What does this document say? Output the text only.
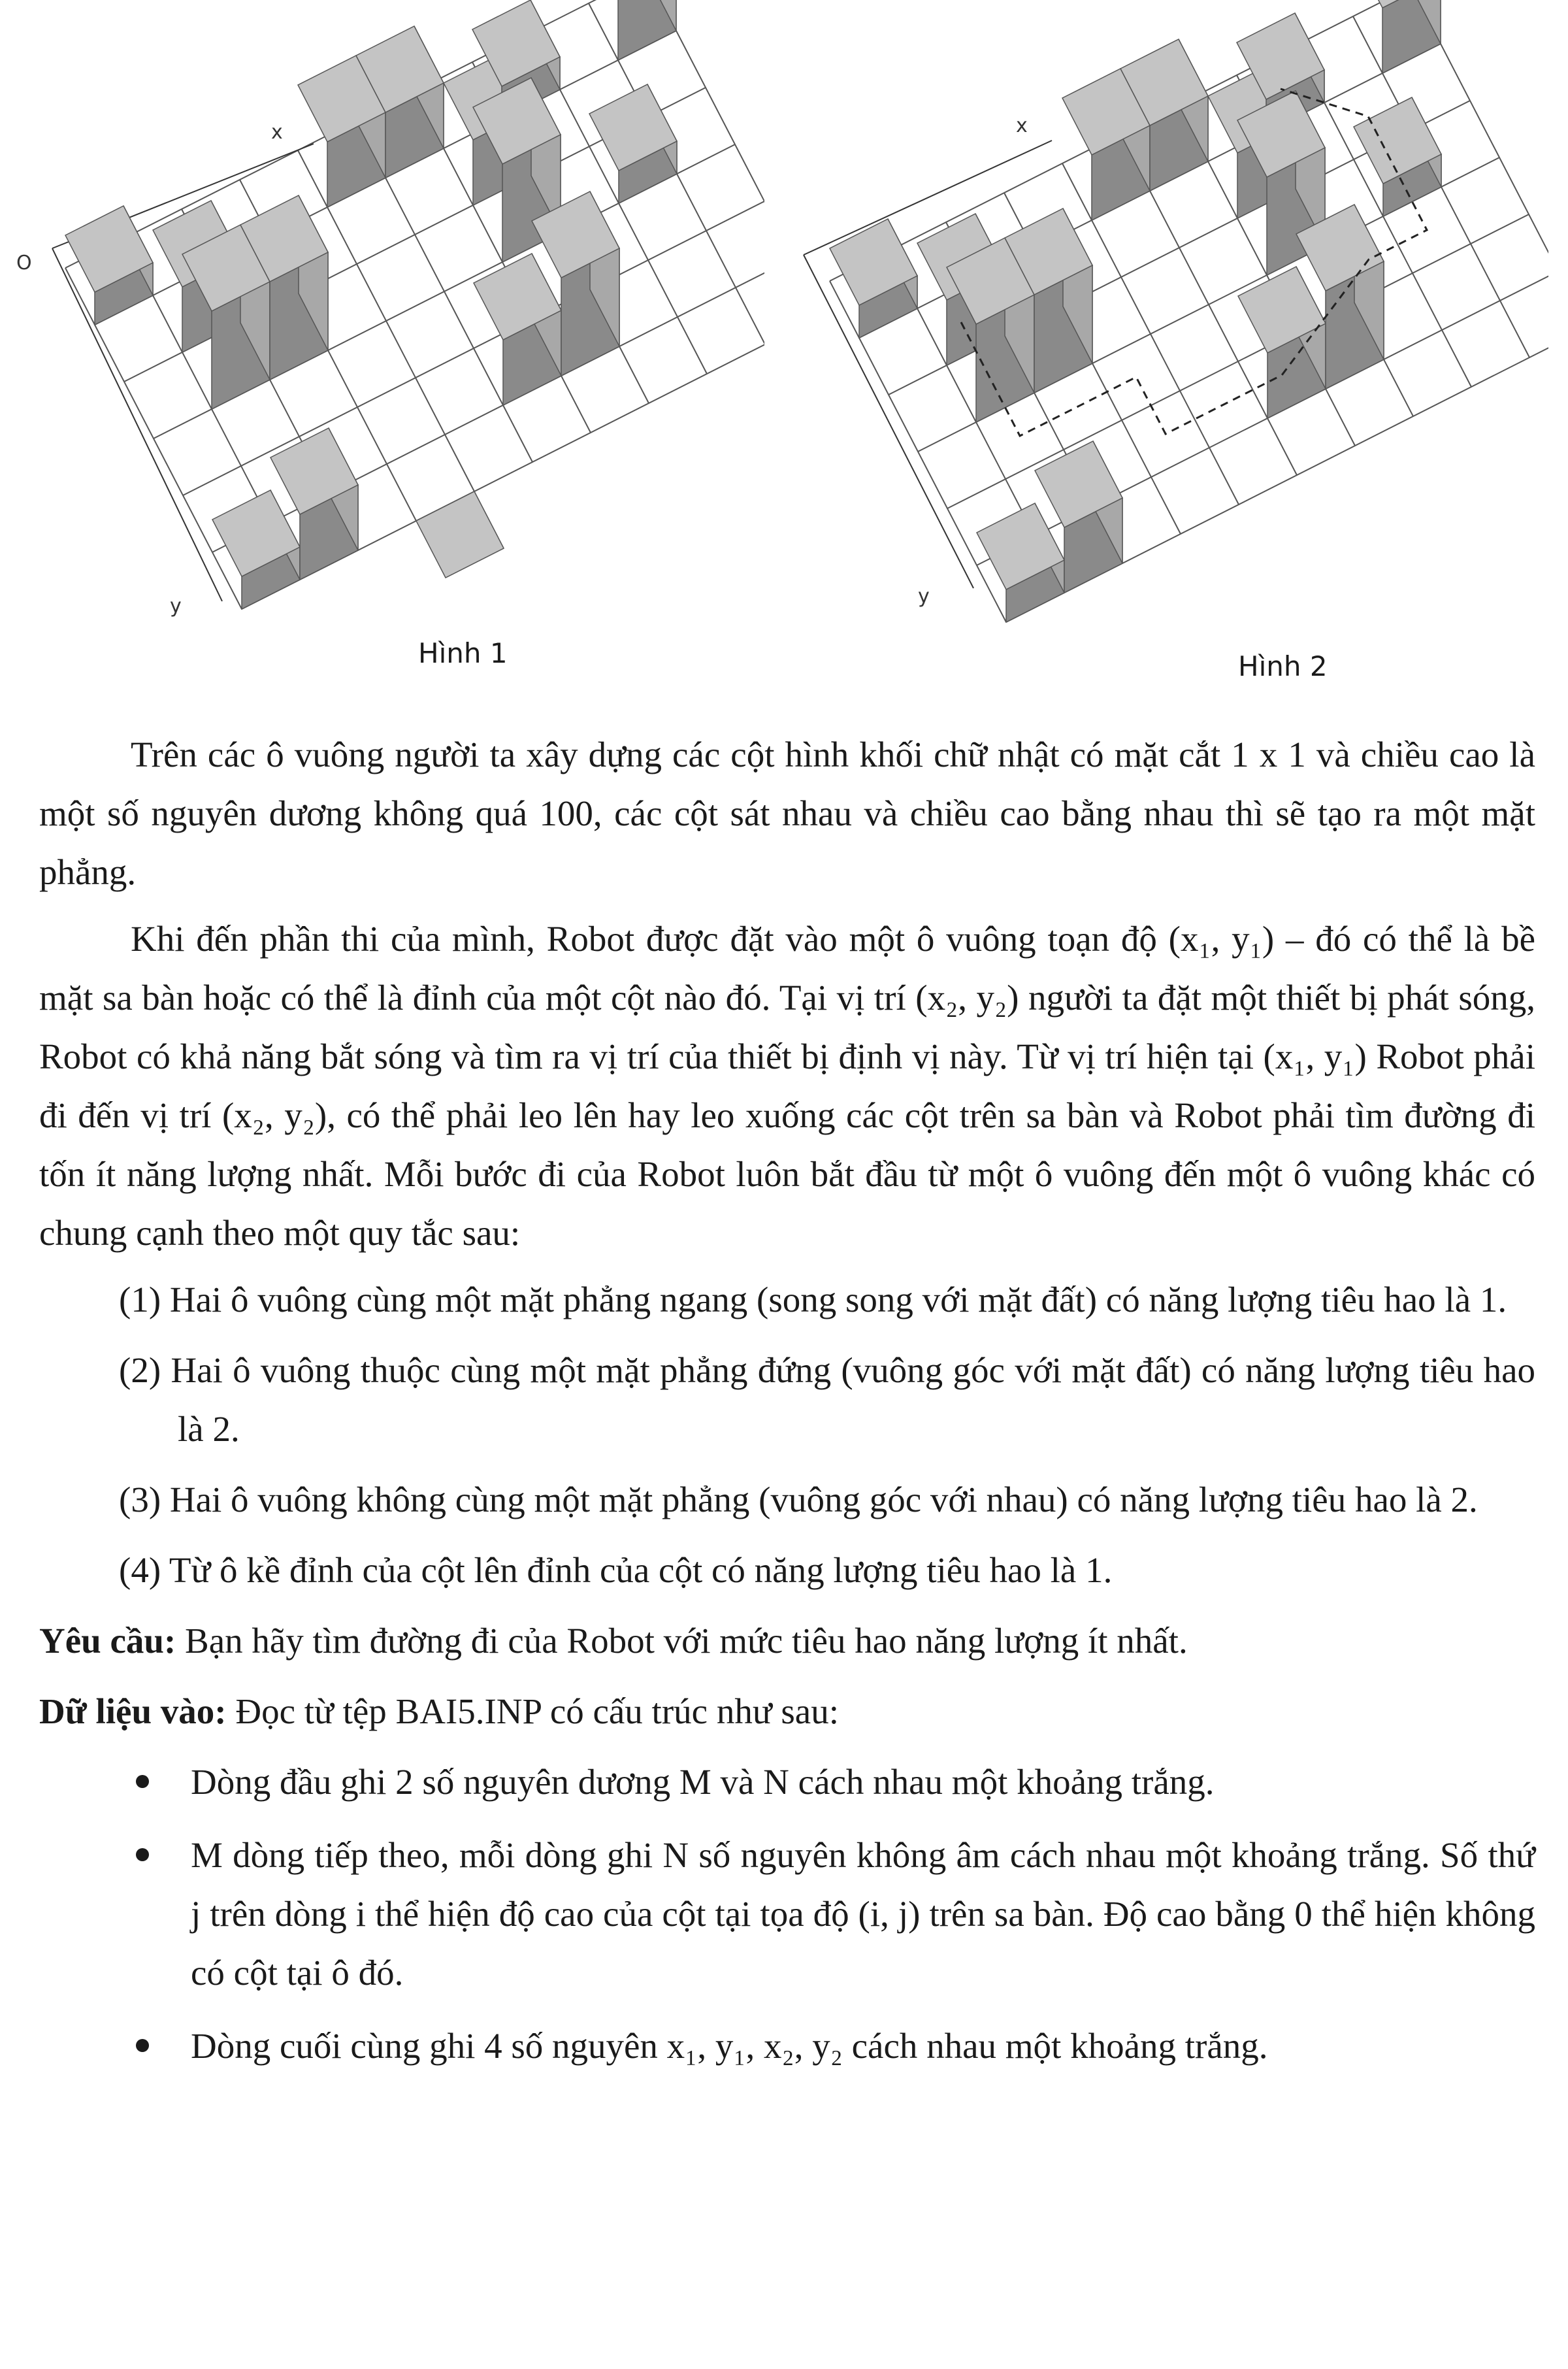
x
y
O
Hình 1
x
y
Hình 2

Trên các ô vuông người ta xây dựng các cột hình khối chữ nhật có mặt cắt 1 x 1 và chiều cao là một số nguyên dương không quá 100, các cột sát nhau và chiều cao bằng nhau thì sẽ tạo ra một mặt phẳng.

Khi đến phần thi của mình, Robot được đặt vào một ô vuông toạn độ (x₁, y₁) – đó có thể là bề mặt sa bàn hoặc có thể là đỉnh của một cột nào đó. Tại vị trí (x₂, y₂) người ta đặt một thiết bị phát sóng, Robot có khả năng bắt sóng và tìm ra vị trí của thiết bị định vị này. Từ vị trí hiện tại (x₁, y₁) Robot phải đi đến vị trí (x₂, y₂), có thể phải leo lên hay leo xuống các cột trên sa bàn và Robot phải tìm đường đi tốn ít năng lượng nhất. Mỗi bước đi của Robot luôn bắt đầu từ một ô vuông đến một ô vuông khác có chung cạnh theo một quy tắc sau:

(1) Hai ô vuông cùng một mặt phẳng ngang (song song với mặt đất) có năng lượng tiêu hao là 1.

(2) Hai ô vuông thuộc cùng một mặt phẳng đứng (vuông góc với mặt đất) có năng lượng tiêu hao là 2.

(3) Hai ô vuông không cùng một mặt phẳng (vuông góc với nhau) có năng lượng tiêu hao là 2.

(4) Từ ô kề đỉnh của cột lên đỉnh của cột có năng lượng tiêu hao là 1.

Yêu cầu: Bạn hãy tìm đường đi của Robot với mức tiêu hao năng lượng ít nhất.

Dữ liệu vào: Đọc từ tệp BAI5.INP có cấu trúc như sau:

Dòng đầu ghi 2 số nguyên dương M và N cách nhau một khoảng trắng.
M dòng tiếp theo, mỗi dòng ghi N số nguyên không âm cách nhau một khoảng trắng. Số thứ j trên dòng i thể hiện độ cao của cột tại tọa độ (i, j) trên sa bàn. Độ cao bằng 0 thể hiện không có cột tại ô đó.
Dòng cuối cùng ghi 4 số nguyên x₁, y₁, x₂, y₂ cách nhau một khoảng trắng.
